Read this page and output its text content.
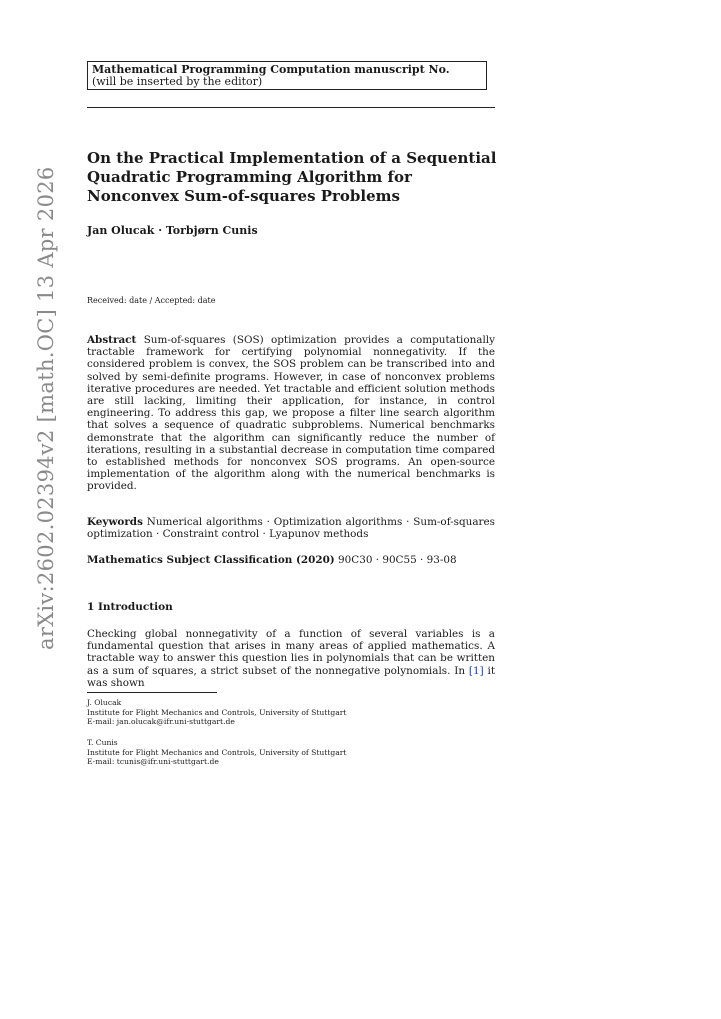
Mathematical Programming Computation manuscript No.
(will be inserted by the editor)
On the Practical Implementation of a Sequential Quadratic Programming Algorithm for Nonconvex Sum-of-squares Problems
Jan Olucak · Torbjørn Cunis
arXiv:2602.02394v2 [math.OC] 13 Apr 2026	Received: date / Accepted: date

Abstract Sum-of-squares (SOS) optimization provides a computationally tractable framework for certifying polynomial nonnegativity. If the considered problem is convex, the SOS problem can be transcribed into and solved by semi-definite programs. However, in case of nonconvex problems iterative procedures are needed. Yet tractable and efficient solution methods are still lacking, limiting their application, for instance, in control engineering. To address this gap, we propose a filter line search algorithm that solves a sequence of quadratic subproblems. Numerical benchmarks demonstrate that the algorithm can significantly reduce the number of iterations, resulting in a substantial decrease in computation time compared to established methods for nonconvex SOS programs. An open-source implementation of the algorithm along with the numerical benchmarks is provided.

Keywords Numerical algorithms · Optimization algorithms · Sum-of-squares optimization · Constraint control · Lyapunov methods

Mathematics Subject Classification (2020) 90C30 · 90C55 · 93-08

1 Introduction

Checking global nonnegativity of a function of several variables is a fundamental question that arises in many areas of applied mathematics. A tractable way to answer this question lies in polynomials that can be written as a sum of squares, a strict subset of the nonnegative polynomials. In [1] it was shown

J. Olucak
Institute for Flight Mechanics and Controls, University of Stuttgart
E-mail: jan.olucak@ifr.uni-stuttgart.de
T. Cunis
Institute for Flight Mechanics and Controls, University of Stuttgart
E-mail: tcunis@ifr.uni-stuttgart.de
